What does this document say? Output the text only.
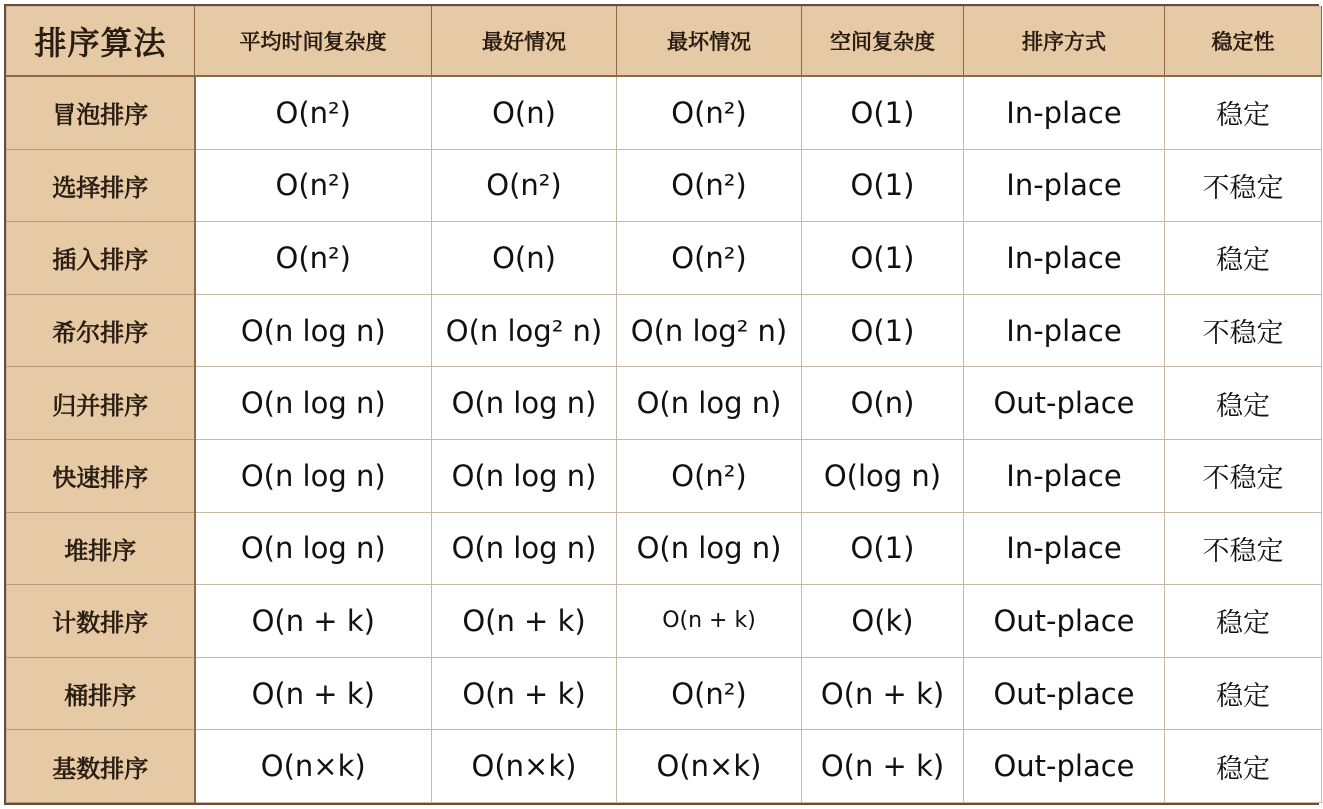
排序算法	平均时间复杂度	最好情况	最坏情况	空间复杂度	排序方式	稳定性
冒泡排序	O(n²)	O(n)	O(n²)	O(1)	In-place	稳定
选择排序	O(n²)	O(n²)	O(n²)	O(1)	In-place	不稳定
插入排序	O(n²)	O(n)	O(n²)	O(1)	In-place	稳定
希尔排序	O(n log n)	O(n log² n)	O(n log² n)	O(1)	In-place	不稳定
归并排序	O(n log n)	O(n log n)	O(n log n)	O(n)	Out-place	稳定
快速排序	O(n log n)	O(n log n)	O(n²)	O(log n)	In-place	不稳定
堆排序	O(n log n)	O(n log n)	O(n log n)	O(1)	In-place	不稳定
计数排序	O(n + k)	O(n + k)	O(n + k)	O(k)	Out-place	稳定
桶排序	O(n + k)	O(n + k)	O(n²)	O(n + k)	Out-place	稳定
基数排序	O(n×k)	O(n×k)	O(n×k)	O(n + k)	Out-place	稳定
